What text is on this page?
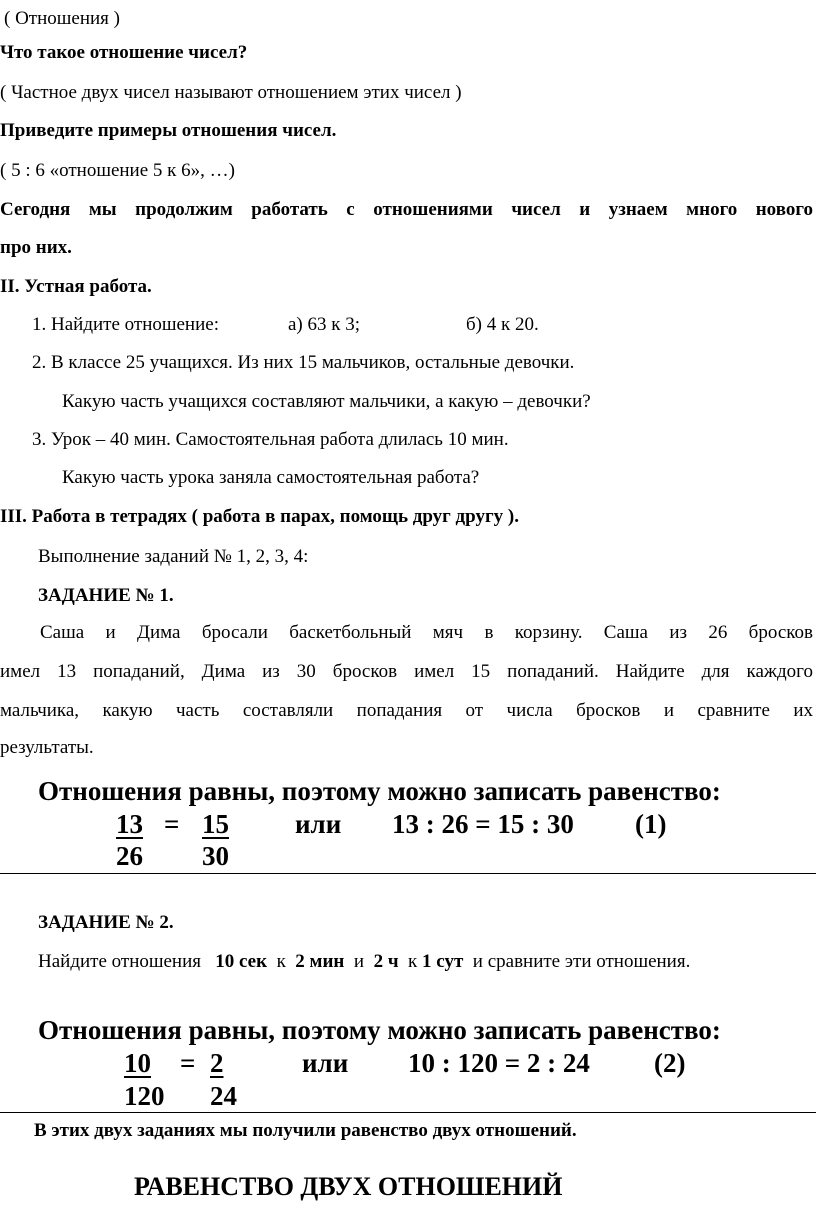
( Отношения )
Что такое отношение чисел?
( Частное двух чисел называют отношением этих чисел )
Приведите примеры отношения чисел.
( 5 : 6 «отношение 5 к 6», …)
Сегодня мы продолжим работать с отношениями чисел и узнаем много нового
про них.
II. Устная работа.
1. Найдите отношение:	а) 63 к 3;	б) 4 к 20.
2. В классе 25 учащихся. Из них 15 мальчиков, остальные девочки.
Какую часть учащихся составляют мальчики, а какую – девочки?
3. Урок – 40 мин. Самостоятельная работа длилась 10 мин.
Какую часть урока заняла самостоятельная работа?
III. Работа в тетрадях ( работа в парах, помощь друг другу ).
Выполнение заданий № 1, 2, 3, 4:
ЗАДАНИЕ № 1.
Саша и Дима бросали баскетбольный мяч в корзину. Саша из 26 бросков
имел 13 попаданий, Дима из 30 бросков имел 15 попаданий. Найдите для каждого
мальчика, какую часть составляли попадания от числа бросков и сравните их
результаты.
Отношения равны, поэтому можно записать равенство:
13 = 15 или 13 : 26 = 15 : 30 (1)
26 30
ЗАДАНИЕ № 2.
Найдите отношения 10 сек к 2 мин и 2 ч к 1 сут и сравните эти отношения.
Отношения равны, поэтому можно записать равенство:
10 = 2	или 10 : 120 = 2 : 24 (2)
120 24
В этих двух заданиях мы получили равенство двух отношений.
РАВЕНСТВО ДВУХ ОТНОШЕНИЙ
